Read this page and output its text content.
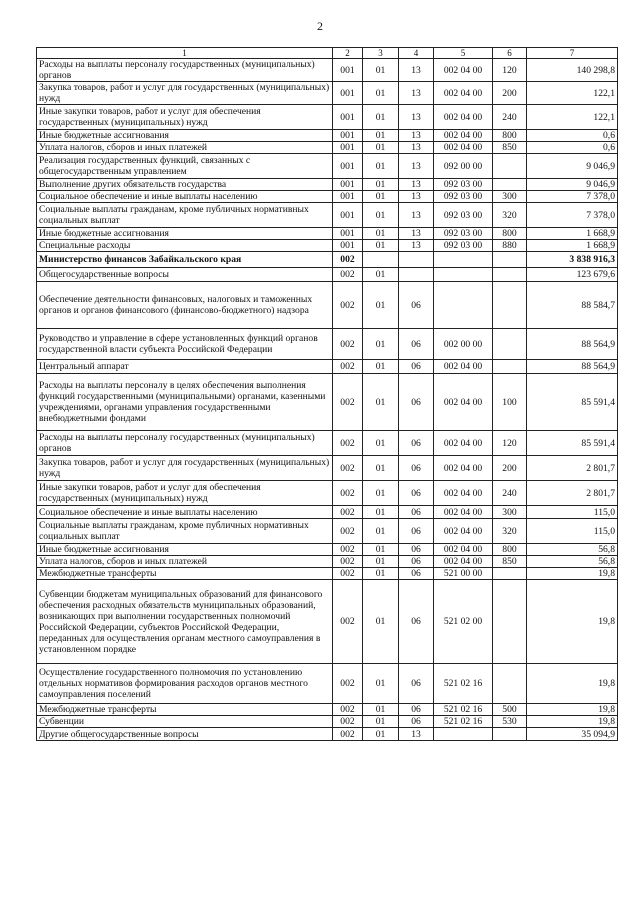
2
1	2	3	4	5	6	7
Расходы на выплаты персоналу государственных (муниципальных) органов	001	01	13	002 04 00	120	140 298,8
Закупка товаров, работ и услуг для государственных (муниципальных) нужд	001	01	13	002 04 00	200	122,1
Иные закупки товаров, работ и услуг для обеспечения государственных (муниципальных) нужд	001	01	13	002 04 00	240	122,1
Иные бюджетные ассигнования	001	01	13	002 04 00	800	0,6
Уплата налогов, сборов и иных платежей	001	01	13	002 04 00	850	0,6
Реализация государственных функций, связанных с общегосударственным управлением	001	01	13	092 00 00		9 046,9
Выполнение других обязательств государства	001	01	13	092 03 00		9 046,9
Социальное обеспечение и иные выплаты населению	001	01	13	092 03 00	300	7 378,0
Социальные выплаты гражданам, кроме публичных нормативных социальных выплат	001	01	13	092 03 00	320	7 378,0
Иные бюджетные ассигнования	001	01	13	092 03 00	800	1 668,9
Специальные расходы	001	01	13	092 03 00	880	1 668,9
Министерство финансов Забайкальского края	002					3 838 916,3
Общегосударственные вопросы	002	01				123 679,6
Обеспечение деятельности финансовых, налоговых и таможенных органов и органов финансового (финансово-бюджетного) надзора	002	01	06			88 584,7
Руководство и управление в сфере установленных функций органов государственной власти субъекта Российской Федерации	002	01	06	002 00 00		88 564,9
Центральный аппарат	002	01	06	002 04 00		88 564,9
Расходы на выплаты персоналу в целях обеспечения выполнения функций государственными (муниципальными) органами, казенными учреждениями, органами управления государственными внебюджетными фондами	002	01	06	002 04 00	100	85 591,4
Расходы на выплаты персоналу государственных (муниципальных) органов	002	01	06	002 04 00	120	85 591,4
Закупка товаров, работ и услуг для государственных (муниципальных) нужд	002	01	06	002 04 00	200	2 801,7
Иные закупки товаров, работ и услуг для обеспечения государственных (муниципальных) нужд	002	01	06	002 04 00	240	2 801,7
Социальное обеспечение и иные выплаты населению	002	01	06	002 04 00	300	115,0
Социальные выплаты гражданам, кроме публичных нормативных социальных выплат	002	01	06	002 04 00	320	115,0
Иные бюджетные ассигнования	002	01	06	002 04 00	800	56,8
Уплата налогов, сборов и иных платежей	002	01	06	002 04 00	850	56,8
Межбюджетные трансферты	002	01	06	521 00 00		19,8
Субвенции бюджетам муниципальных образований для финансового обеспечения расходных обязательств муниципальных образований, возникающих при выполнении государственных полномочий Российской Федерации, субъектов Российской Федерации, переданных для осуществления органам местного самоуправления в установленном порядке	002	01	06	521 02 00		19,8
Осуществление государственного полномочия по установлению отдельных нормативов формирования расходов органов местного самоуправления поселений	002	01	06	521 02 16		19,8
Межбюджетные трансферты	002	01	06	521 02 16	500	19,8
Субвенции	002	01	06	521 02 16	530	19,8
Другие общегосударственные вопросы	002	01	13			35 094,9
